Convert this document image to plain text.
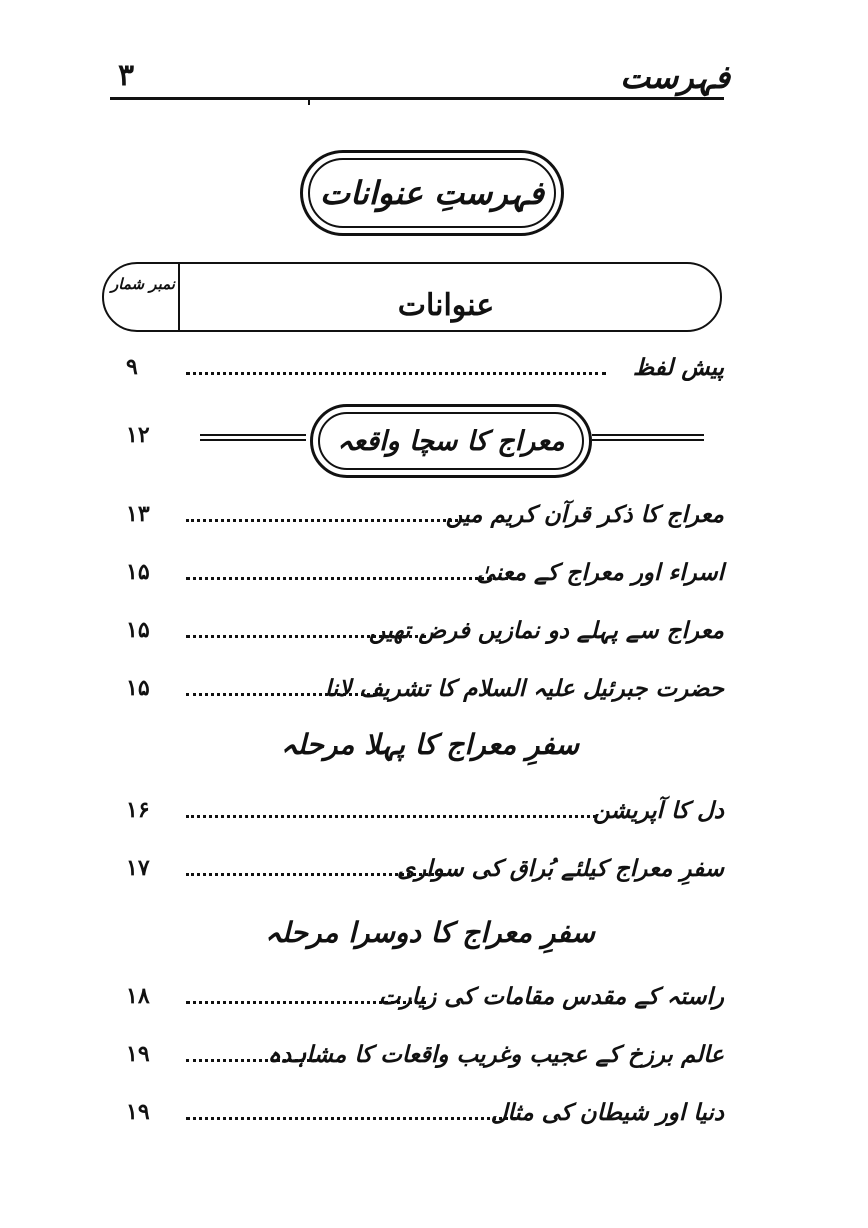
فہرست
۳
فہرستِ عنوانات
نمبر شمار
عنوانات
پیش لفظ
۹
۱۲	معراج کا سچا واقعہ
معراج کا ذکر قرآن کریم میں
۱۳
اسراء اور معراج کے معنیٰ
۱۵
معراج سے پہلے دو نمازیں فرض تھیں
۱۵
حضرت جبرئیل علیہ السلام کا تشریف لانا
۱۵
سفرِ معراج کا پہلا مرحلہ
دل کا آپریشن
۱۶
سفرِ معراج کیلئے بُراق کی سواری
۱۷
سفرِ معراج کا دوسرا مرحلہ
راستہ کے مقدس مقامات کی زیارت
۱۸
عالم برزخ کے عجیب وغریب واقعات کا مشاہدہ
۱۹
دنیا اور شیطان کی مثال
۱۹
